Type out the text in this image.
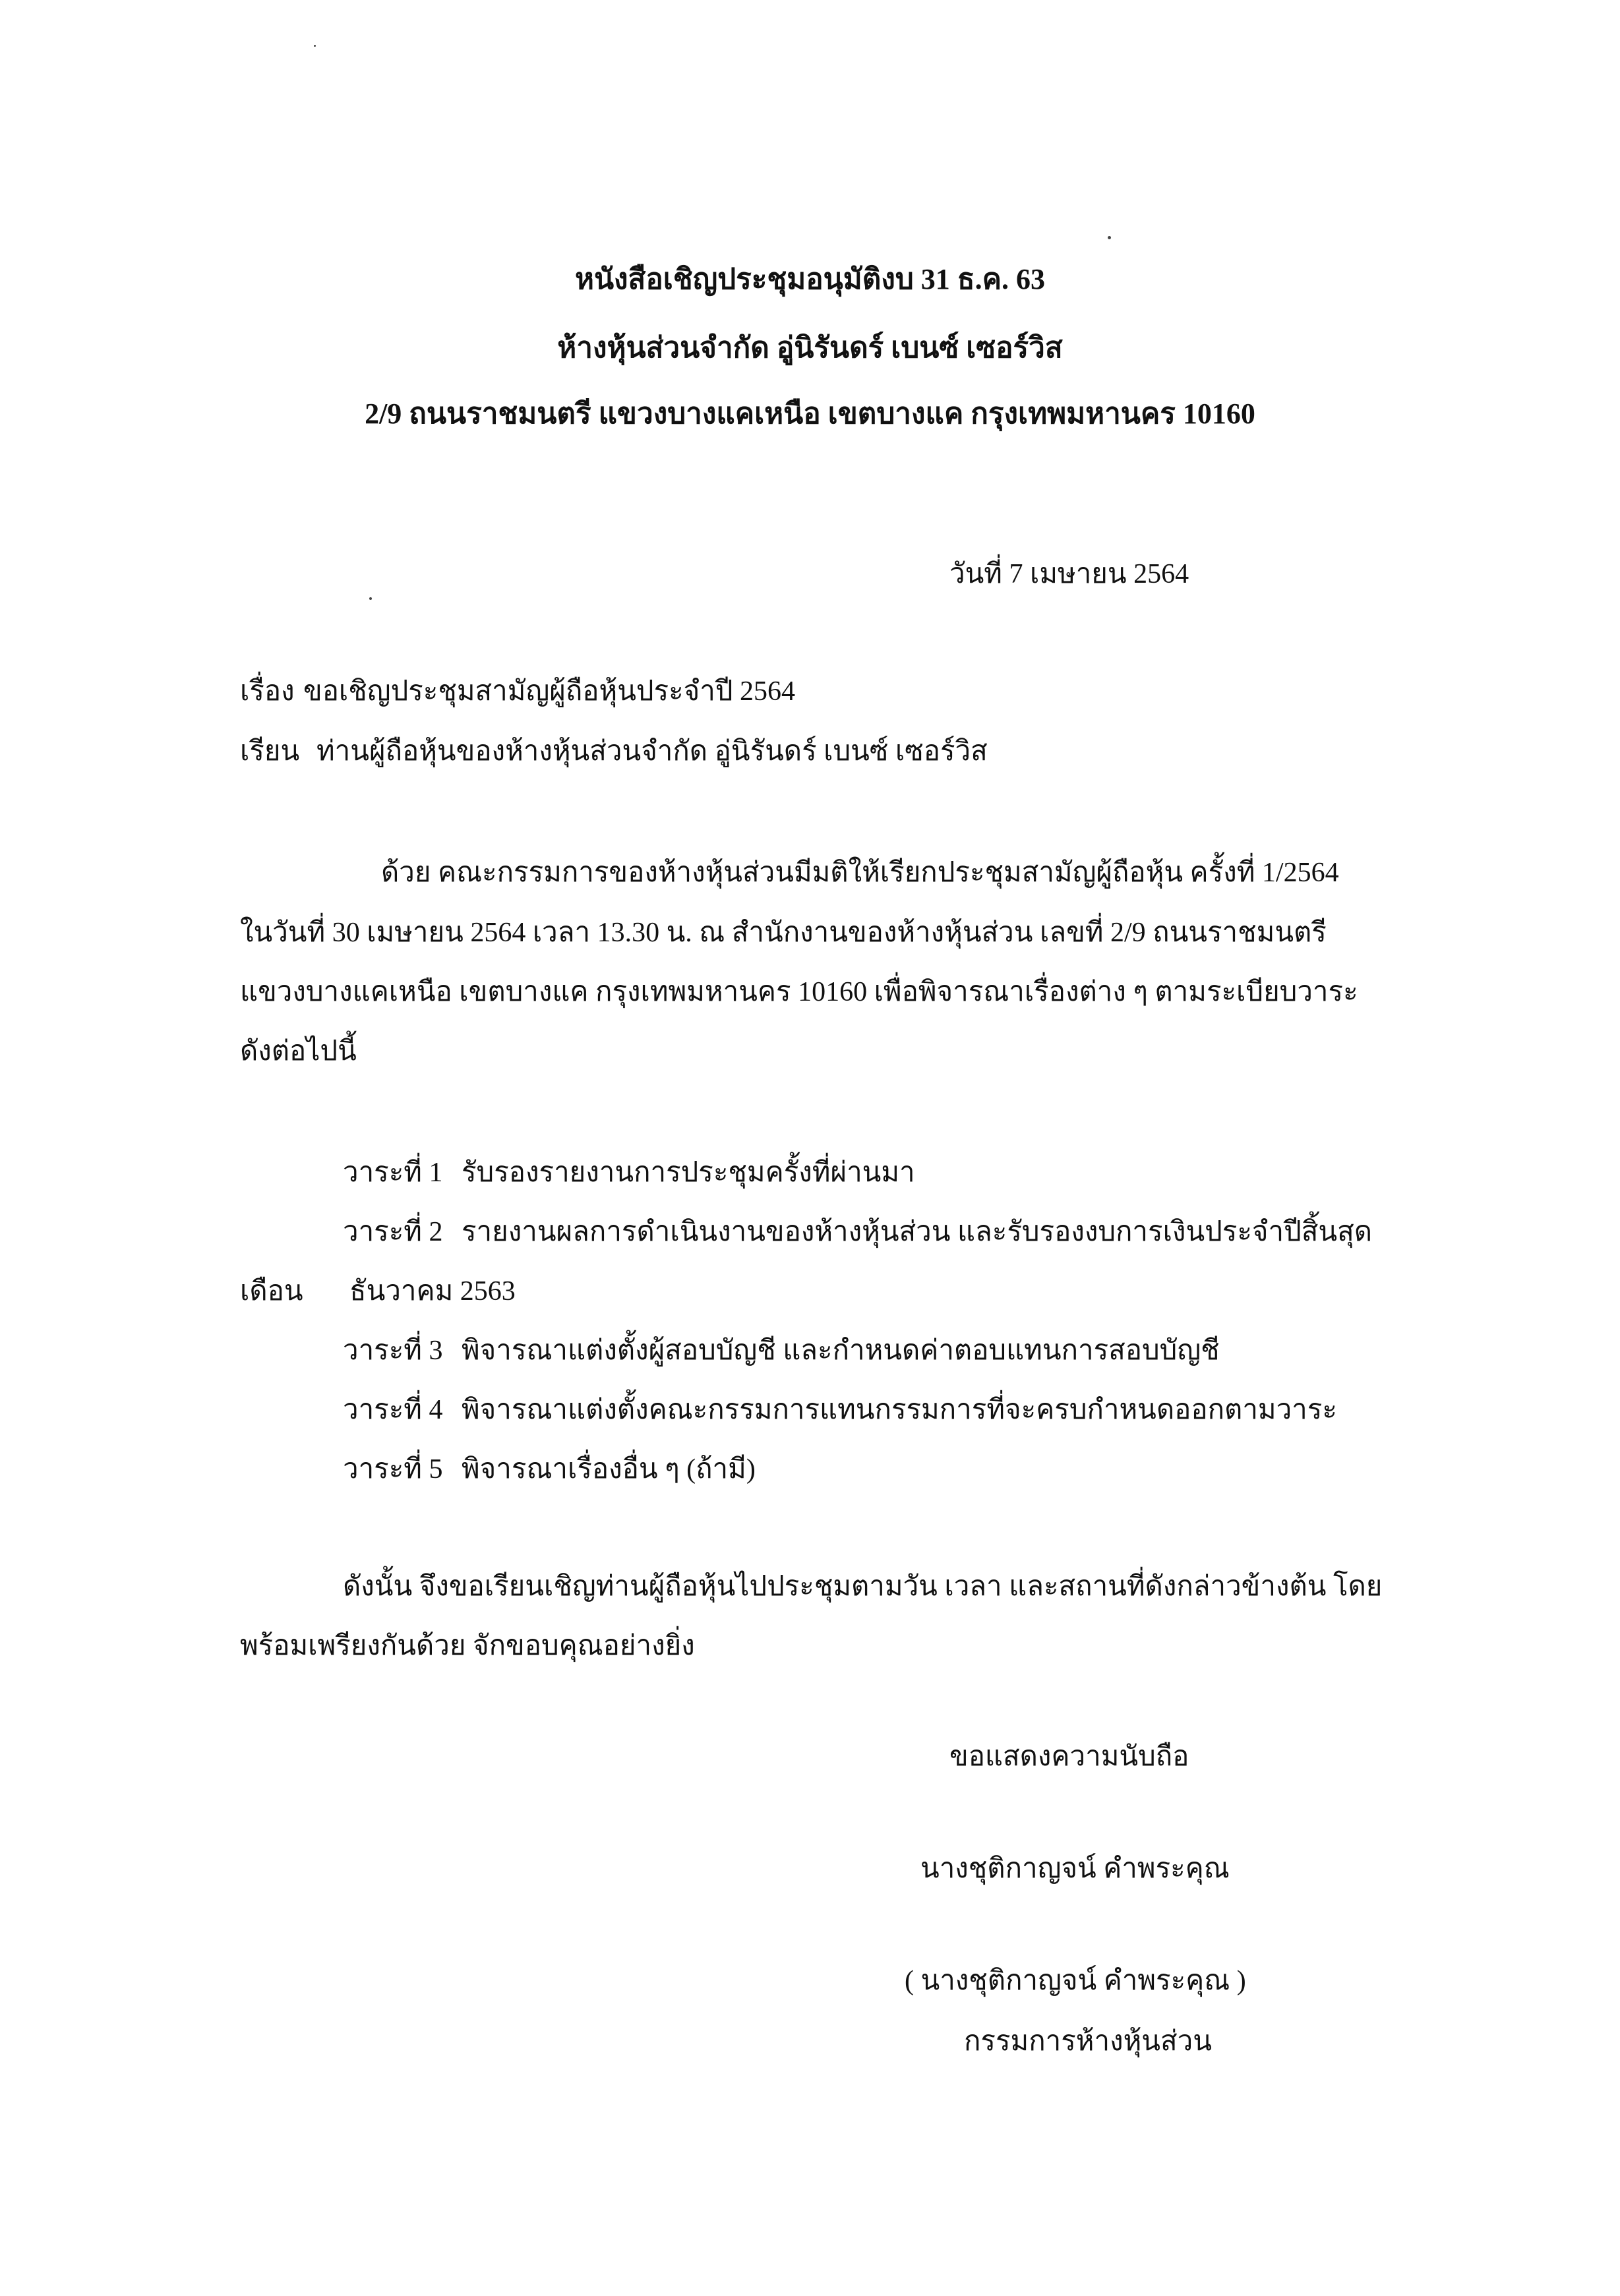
หนังสือเชิญประชุมอนุมัติงบ 31 ธ.ค. 63
ห้างหุ้นส่วนจำกัด อู่นิรันดร์ เบนซ์ เซอร์วิส
2/9 ถนนราชมนตรี แขวงบางแคเหนือ เขตบางแค กรุงเทพมหานคร 10160
วันที่ 7 เมษายน 2564
เรื่อง ขอเชิญประชุมสามัญผู้ถือหุ้นประจำปี 2564
เรียน ท่านผู้ถือหุ้นของห้างหุ้นส่วนจำกัด อู่นิรันดร์ เบนซ์ เซอร์วิส
ด้วย คณะกรรมการของห้างหุ้นส่วนมีมติให้เรียกประชุมสามัญผู้ถือหุ้น ครั้งที่ 1/2564
ในวันที่ 30 เมษายน 2564 เวลา 13.30 น. ณ สำนักงานของห้างหุ้นส่วน เลขที่ 2/9 ถนนราชมนตรี
แขวงบางแคเหนือ เขตบางแค กรุงเทพมหานคร 10160 เพื่อพิจารณาเรื่องต่าง ๆ ตามระเบียบวาระ
ดังต่อไปนี้
วาระที่ 1 รับรองรายงานการประชุมครั้งที่ผ่านมา
วาระที่ 2 รายงานผลการดำเนินงานของห้างหุ้นส่วน และรับรองงบการเงินประจำปีสิ้นสุด
เดือน ธันวาคม 2563
วาระที่ 3 พิจารณาแต่งตั้งผู้สอบบัญชี และกำหนดค่าตอบแทนการสอบบัญชี
วาระที่ 4 พิจารณาแต่งตั้งคณะกรรมการแทนกรรมการที่จะครบกำหนดออกตามวาระ
วาระที่ 5 พิจารณาเรื่องอื่น ๆ (ถ้ามี)
ดังนั้น จึงขอเรียนเชิญท่านผู้ถือหุ้นไปประชุมตามวัน เวลา และสถานที่ดังกล่าวข้างต้น โดย
พร้อมเพรียงกันด้วย จักขอบคุณอย่างยิ่ง
ขอแสดงความนับถือ
นางชุติกาญจน์ คำพระคุณ
( นางชุติกาญจน์ คำพระคุณ )
กรรมการห้างหุ้นส่วน
